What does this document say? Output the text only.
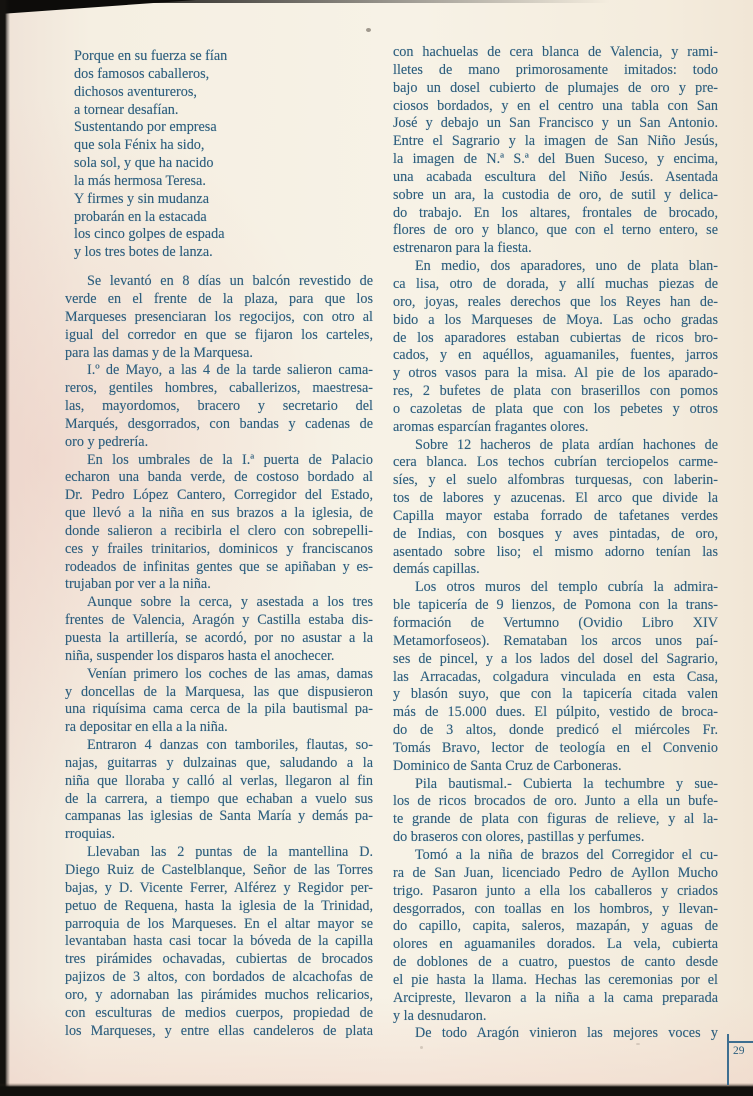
Porque en su fuerza se fían
dos famosos caballeros,
dichosos aventureros,
a tornear desafían.
Sustentando por empresa
que sola Fénix ha sido,
sola sol, y que ha nacido
la más hermosa Teresa.
Y firmes y sin mudanza
probarán en la estacada
los cinco golpes de espada
y los tres botes de lanza.
Se levantó en 8 días un balcón revestido de
verde en el frente de la plaza, para que los
Marqueses presenciaran los regocijos, con otro al
igual del corredor en que se fijaron los carteles,
para las damas y de la Marquesa.
I.º de Mayo, a las 4 de la tarde salieron cama-
reros, gentiles hombres, caballerizos, maestresa-
las, mayordomos, bracero y secretario del
Marqués, desgorrados, con bandas y cadenas de
oro y pedrería.
En los umbrales de la I.ª puerta de Palacio
echaron una banda verde, de costoso bordado al
Dr. Pedro López Cantero, Corregidor del Estado,
que llevó a la niña en sus brazos a la iglesia, de
donde salieron a recibirla el clero con sobrepelli-
ces y frailes trinitarios, dominicos y franciscanos
rodeados de infinitas gentes que se apiñaban y es-
trujaban por ver a la niña.
Aunque sobre la cerca, y asestada a los tres
frentes de Valencia, Aragón y Castilla estaba dis-
puesta la artillería, se acordó, por no asustar a la
niña, suspender los disparos hasta el anochecer.
Venían primero los coches de las amas, damas
y doncellas de la Marquesa, las que dispusieron
una riquísima cama cerca de la pila bautismal pa-
ra depositar en ella a la niña.
Entraron 4 danzas con tamboriles, flautas, so-
najas, guitarras y dulzainas que, saludando a la
niña que lloraba y calló al verlas, llegaron al fin
de la carrera, a tiempo que echaban a vuelo sus
campanas las iglesias de Santa María y demás pa-
rroquias.
Llevaban las 2 puntas de la mantellina D.
Diego Ruiz de Castelblanque, Señor de las Torres
bajas, y D. Vicente Ferrer, Alférez y Regidor per-
petuo de Requena, hasta la iglesia de la Trinidad,
parroquia de los Marqueses. En el altar mayor se
levantaban hasta casi tocar la bóveda de la capilla
tres pirámides ochavadas, cubiertas de brocados
pajizos de 3 altos, con bordados de alcachofas de
oro, y adornaban las pirámides muchos relicarios,
con esculturas de medios cuerpos, propiedad de
los Marqueses, y entre ellas candeleros de plata
con hachuelas de cera blanca de Valencia, y rami-
lletes de mano primorosamente imitados: todo
bajo un dosel cubierto de plumajes de oro y pre-
ciosos bordados, y en el centro una tabla con San
José y debajo un San Francisco y un San Antonio.
Entre el Sagrario y la imagen de San Niño Jesús,
la imagen de N.ª S.ª del Buen Suceso, y encima,
una acabada escultura del Niño Jesús. Asentada
sobre un ara, la custodia de oro, de sutil y delica-
do trabajo. En los altares, frontales de brocado,
flores de oro y blanco, que con el terno entero, se
estrenaron para la fiesta.
En medio, dos aparadores, uno de plata blan-
ca lisa, otro de dorada, y allí muchas piezas de
oro, joyas, reales derechos que los Reyes han de-
bido a los Marqueses de Moya. Las ocho gradas
de los aparadores estaban cubiertas de ricos bro-
cados, y en aquéllos, aguamaniles, fuentes, jarros
y otros vasos para la misa. Al pie de los aparado-
res, 2 bufetes de plata con braserillos con pomos
o cazoletas de plata que con los pebetes y otros
aromas esparcían fragantes olores.
Sobre 12 hacheros de plata ardían hachones de
cera blanca. Los techos cubrían terciopelos carme-
síes, y el suelo alfombras turquesas, con laberin-
tos de labores y azucenas. El arco que divide la
Capilla mayor estaba forrado de tafetanes verdes
de Indias, con bosques y aves pintadas, de oro,
asentado sobre liso; el mismo adorno tenían las
demás capillas.
Los otros muros del templo cubría la admira-
ble tapicería de 9 lienzos, de Pomona con la trans-
formación de Vertumno (Ovidio Libro XIV
Metamorfoseos). Remataban los arcos unos paí-
ses de pincel, y a los lados del dosel del Sagrario,
las Arracadas, colgadura vinculada en esta Casa,
y blasón suyo, que con la tapicería citada valen
más de 15.000 dues. El púlpito, vestido de broca-
do de 3 altos, donde predicó el miércoles Fr.
Tomás Bravo, lector de teología en el Convenio
Dominico de Santa Cruz de Carboneras.
Pila bautismal.- Cubierta la techumbre y sue-
los de ricos brocados de oro. Junto a ella un bufe-
te grande de plata con figuras de relieve, y al la-
do braseros con olores, pastillas y perfumes.
Tomó a la niña de brazos del Corregidor el cu-
ra de San Juan, licenciado Pedro de Ayllon Mucho
trigo. Pasaron junto a ella los caballeros y criados
desgorrados, con toallas en los hombros, y llevan-
do capillo, capita, saleros, mazapán, y aguas de
olores en aguamaniles dorados. La vela, cubierta
de doblones de a cuatro, puestos de canto desde
el pie hasta la llama. Hechas las ceremonias por el
Arcipreste, llevaron a la niña a la cama preparada
y la desnudaron.
De todo Aragón vinieron las mejores voces y
29
